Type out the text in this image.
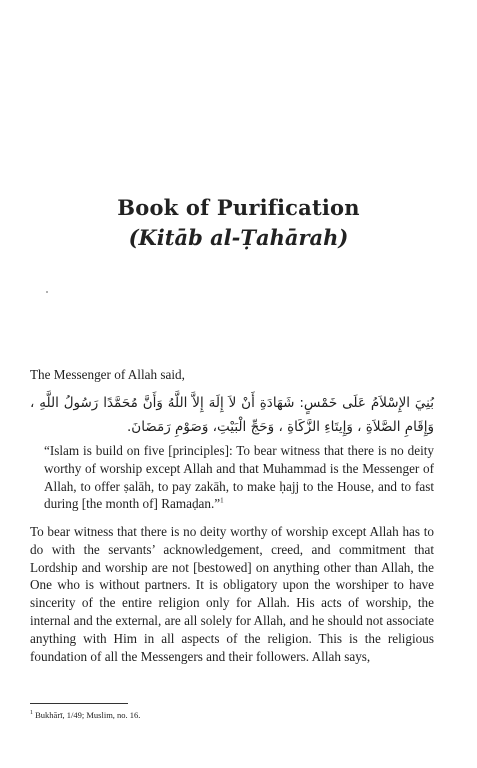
Book of Purification
(Kitāb al-Ṭahārah)
The Messenger of Allah said,
بُنِيَ الإِسْلاَمُ عَلَى خَمْسٍ: شَهَادَةِ أَنْ لاَ إِلَهَ إِلاَّ اللَّهُ وَأَنَّ مُحَمَّدًا رَسُولُ اللَّهِ ، وَإِقَامِ الصَّلاَةِ ، وَإِيتَاءِ الزَّكَاةِ ، وَحَجِّ الْبَيْتِ، وَصَوْمِ رَمَضَانَ.
“Islam is build on five [principles]: To bear witness that there is no deity worthy of worship except Allah and that Muhammad is the Messenger of Allah, to offer ṣalāh, to pay zakāh, to make ḥajj to the House, and to fast during [the month of] Ramaḍan.”$^1$
To bear witness that there is no deity worthy of worship except Allah has to do with the servants’ acknowledgement, creed, and commitment that Lordship and worship are not [bestowed] on anything other than Allah, the One who is without partners. It is obligatory upon the worshiper to have sincerity of the entire religion only for Allah. His acts of worship, the internal and the external, are all solely for Allah, and he should not associate anything with Him in all aspects of the religion. This is the religious foundation of all the Messengers and their followers. Allah says,
$^1$ Bukhārī, 1/49; Muslim, no. 16.
